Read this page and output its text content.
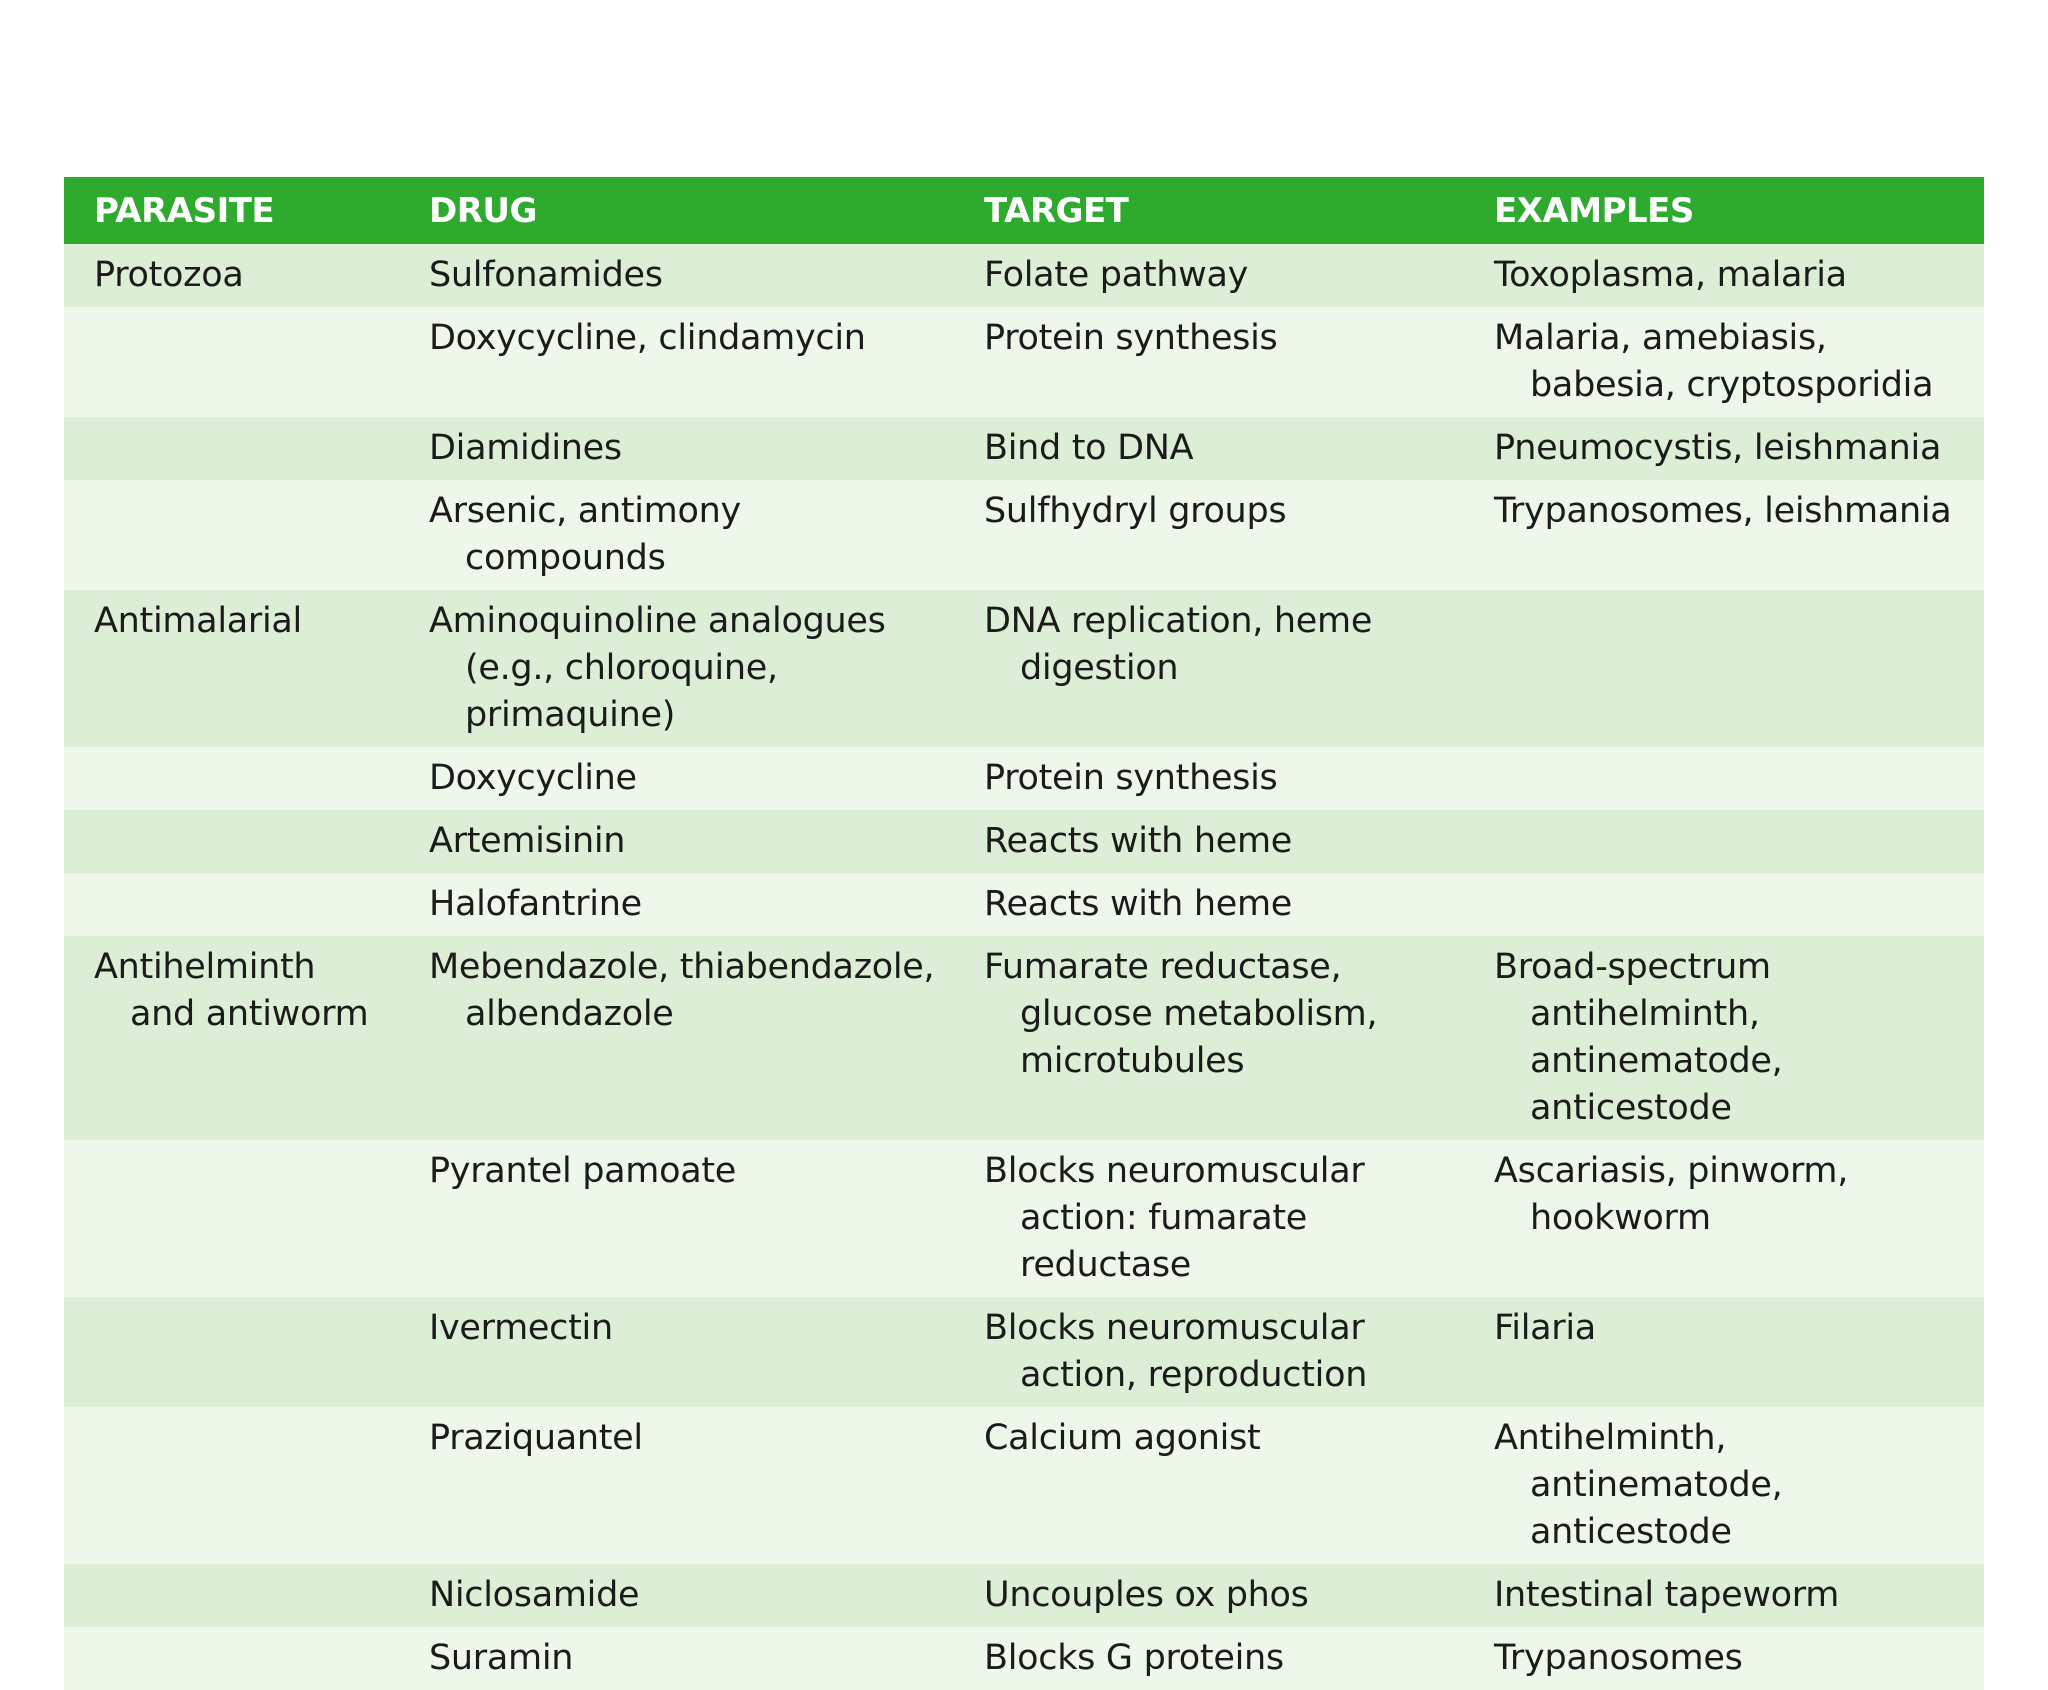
PARASITE	DRUG	TARGET	EXAMPLES

Protozoa	Sulfonamides	Folate pathway	Toxoplasma, malaria

	Doxycycline, clindamycin	Protein synthesis	Malaria, amebiasis, babesia, cryptosporidia

	Diamidines	Bind to DNA	Pneumocystis, leishmania

	Arsenic, antimony compounds	Sulfhydryl groups	Trypanosomes, leishmania

Antimalarial	Aminoquinoline analogues (e.g., chloroquine, primaquine)	DNA replication, heme digestion	

	Doxycycline	Protein synthesis	

	Artemisinin	Reacts with heme	

	Halofantrine	Reacts with heme	

Antihelminth and antiworm	Mebendazole, thiabendazole, albendazole	Fumarate reductase, glucose metabolism, microtubules	Broad-spectrum antihelminth, antinematode, anticestode

	Pyrantel pamoate	Blocks neuromuscular action: fumarate reductase	Ascariasis, pinworm, hookworm

	Ivermectin	Blocks neuromuscular action, reproduction	Filaria

	Praziquantel	Calcium agonist	Antihelminth, antinematode, anticestode

	Niclosamide	Uncouples ox phos	Intestinal tapeworm

	Suramin	Blocks G proteins	Trypanosomes
